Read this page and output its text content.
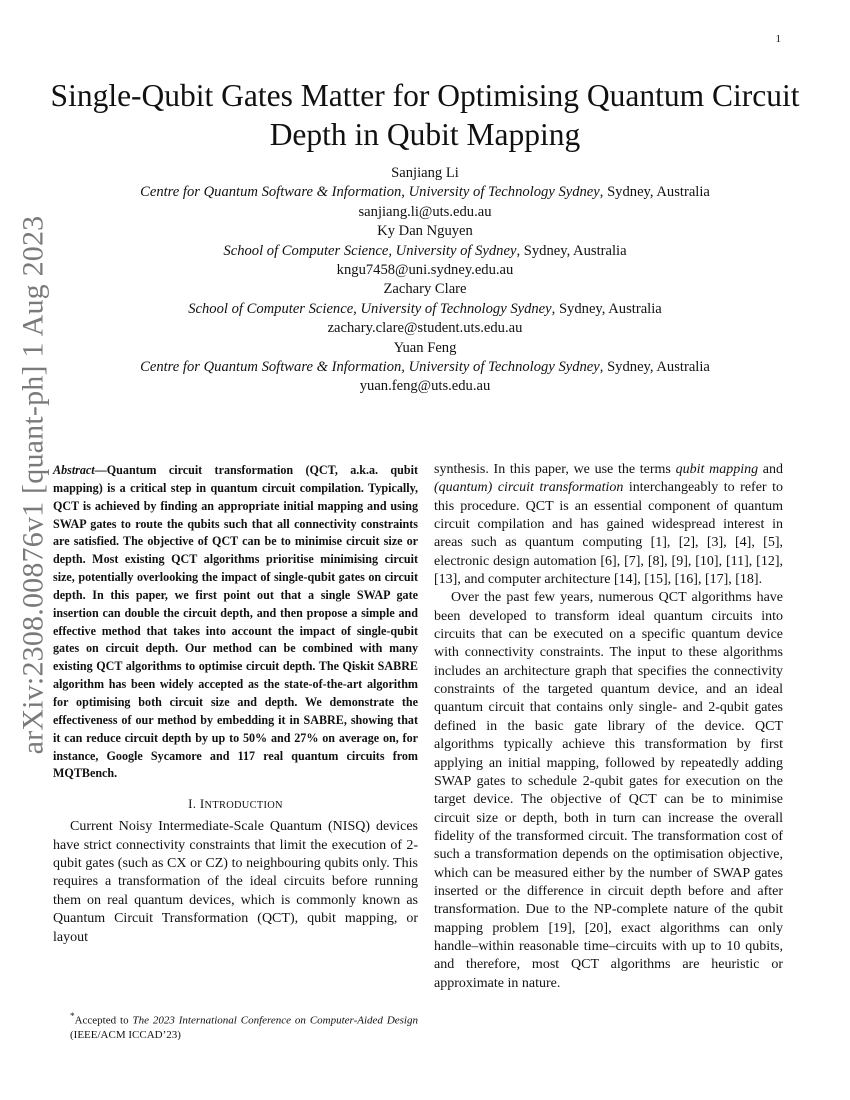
1
arXiv:2308.00876v1 [quant-ph] 1 Aug 2023
Single-Qubit Gates Matter for Optimising Quantum Circuit Depth in Qubit Mapping
Sanjiang Li
Centre for Quantum Software & Information, University of Technology Sydney, Sydney, Australia
sanjiang.li@uts.edu.au
Ky Dan Nguyen
School of Computer Science, University of Sydney, Sydney, Australia
kngu7458@uni.sydney.edu.au
Zachary Clare
School of Computer Science, University of Technology Sydney, Sydney, Australia
zachary.clare@student.uts.edu.au
Yuan Feng
Centre for Quantum Software & Information, University of Technology Sydney, Sydney, Australia
yuan.feng@uts.edu.au

Abstract—Quantum circuit transformation (QCT, a.k.a. qubit mapping) is a critical step in quantum circuit compilation. Typically, QCT is achieved by finding an appropriate initial mapping and using SWAP gates to route the qubits such that all connectivity constraints are satisfied. The objective of QCT can be to minimise circuit size or depth. Most existing QCT algorithms prioritise minimising circuit size, potentially overlooking the impact of single-qubit gates on circuit depth. In this paper, we first point out that a single SWAP gate insertion can double the circuit depth, and then propose a simple and effective method that takes into account the impact of single-qubit gates on circuit depth. Our method can be combined with many existing QCT algorithms to optimise circuit depth. The Qiskit SABRE algorithm has been widely accepted as the state-of-the-art algorithm for optimising both circuit size and depth. We demonstrate the effectiveness of our method by embedding it in SABRE, showing that it can reduce circuit depth by up to 50% and 27% on average on, for instance, Google Sycamore and 117 real quantum circuits from MQTBench.

I. INTRODUCTION

Current Noisy Intermediate-Scale Quantum (NISQ) devices have strict connectivity constraints that limit the execution of 2-qubit gates (such as CX or CZ) to neighbouring qubits only. This requires a transformation of the ideal circuits before running them on real quantum devices, which is commonly known as Quantum Circuit Transformation (QCT), qubit mapping, or layout

*Accepted to The 2023 International Conference on Computer-Aided Design (IEEE/ACM ICCAD’23)

synthesis. In this paper, we use the terms qubit mapping and (quantum) circuit transformation interchangeably to refer to this procedure. QCT is an essential component of quantum circuit compilation and has gained widespread interest in areas such as quantum computing [1], [2], [3], [4], [5], electronic design automation [6], [7], [8], [9], [10], [11], [12], [13], and computer architecture [14], [15], [16], [17], [18].

Over the past few years, numerous QCT algorithms have been developed to transform ideal quantum circuits into circuits that can be executed on a specific quantum device with connectivity constraints. The input to these algorithms includes an architecture graph that specifies the connectivity constraints of the targeted quantum device, and an ideal quantum circuit that contains only single- and 2-qubit gates defined in the basic gate library of the device. QCT algorithms typically achieve this transformation by first applying an initial mapping, followed by repeatedly adding SWAP gates to schedule 2-qubit gates for execution on the target device. The objective of QCT can be to minimise circuit size or depth, both in turn can increase the overall fidelity of the transformed circuit. The transformation cost of such a transformation depends on the optimisation objective, which can be measured either by the number of SWAP gates inserted or the difference in circuit depth before and after transformation. Due to the NP-complete nature of the qubit mapping problem [19], [20], exact algorithms can only handle–within reasonable time–circuits with up to 10 qubits, and therefore, most QCT algorithms are heuristic or approximate in nature.
